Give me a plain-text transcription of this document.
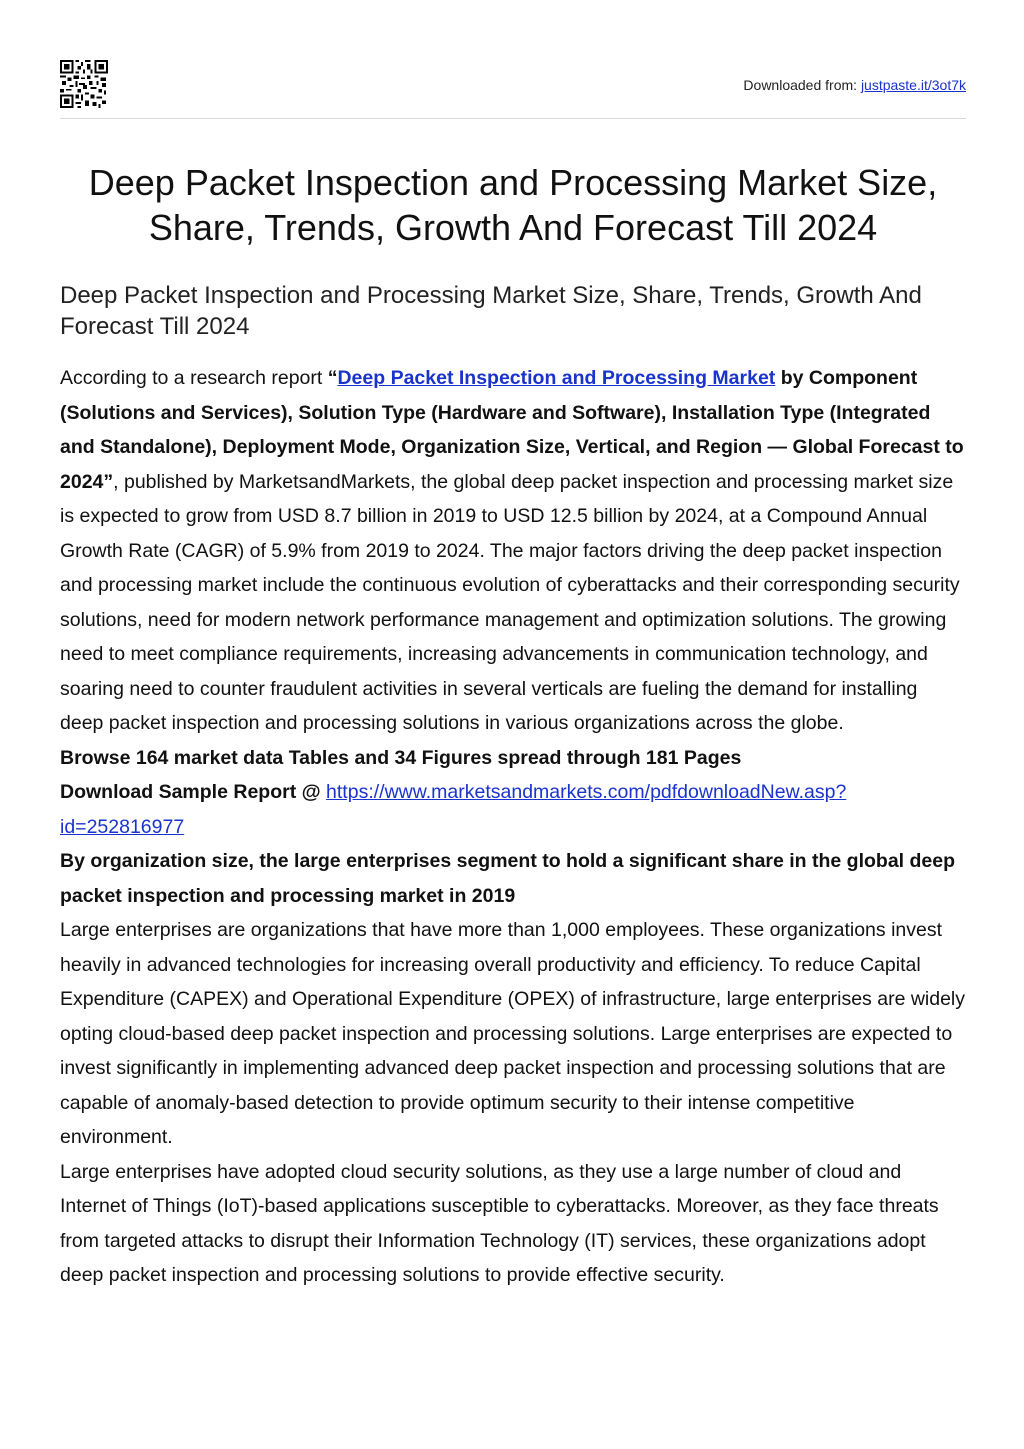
Downloaded from: justpaste.it/3ot7k
Deep Packet Inspection and Processing Market Size, Share, Trends, Growth And Forecast Till 2024
Deep Packet Inspection and Processing Market Size, Share, Trends, Growth And Forecast Till 2024

According to a research report “Deep Packet Inspection and Processing Market by Component (Solutions and Services), Solution Type (Hardware and Software), Installation Type (Integrated and Standalone), Deployment Mode, Organization Size, Vertical, and Region — Global Forecast to 2024”, published by MarketsandMarkets, the global deep packet inspection and processing market size is expected to grow from USD 8.7 billion in 2019 to USD 12.5 billion by 2024, at a Compound Annual Growth Rate (CAGR) of 5.9% from 2019 to 2024. The major factors driving the deep packet inspection and processing market include the continuous evolution of cyberattacks and their corresponding security solutions, need for modern network performance management and optimization solutions. The growing need to meet compliance requirements, increasing advancements in communication technology, and soaring need to counter fraudulent activities in several verticals are fueling the demand for installing deep packet inspection and processing solutions in various organizations across the globe.

Browse 164 market data Tables and 34 Figures spread through 181 Pages

Download Sample Report @ https://www.marketsandmarkets.com/pdfdownloadNew.asp?id=252816977

By organization size, the large enterprises segment to hold a significant share in the global deep packet inspection and processing market in 2019

Large enterprises are organizations that have more than 1,000 employees. These organizations invest heavily in advanced technologies for increasing overall productivity and efficiency. To reduce Capital Expenditure (CAPEX) and Operational Expenditure (OPEX) of infrastructure, large enterprises are widely opting cloud-based deep packet inspection and processing solutions. Large enterprises are expected to invest significantly in implementing advanced deep packet inspection and processing solutions that are capable of anomaly-based detection to provide optimum security to their intense competitive environment.

Large enterprises have adopted cloud security solutions, as they use a large number of cloud and Internet of Things (IoT)-based applications susceptible to cyberattacks. Moreover, as they face threats from targeted attacks to disrupt their Information Technology (IT) services, these organizations adopt deep packet inspection and processing solutions to provide effective security.
